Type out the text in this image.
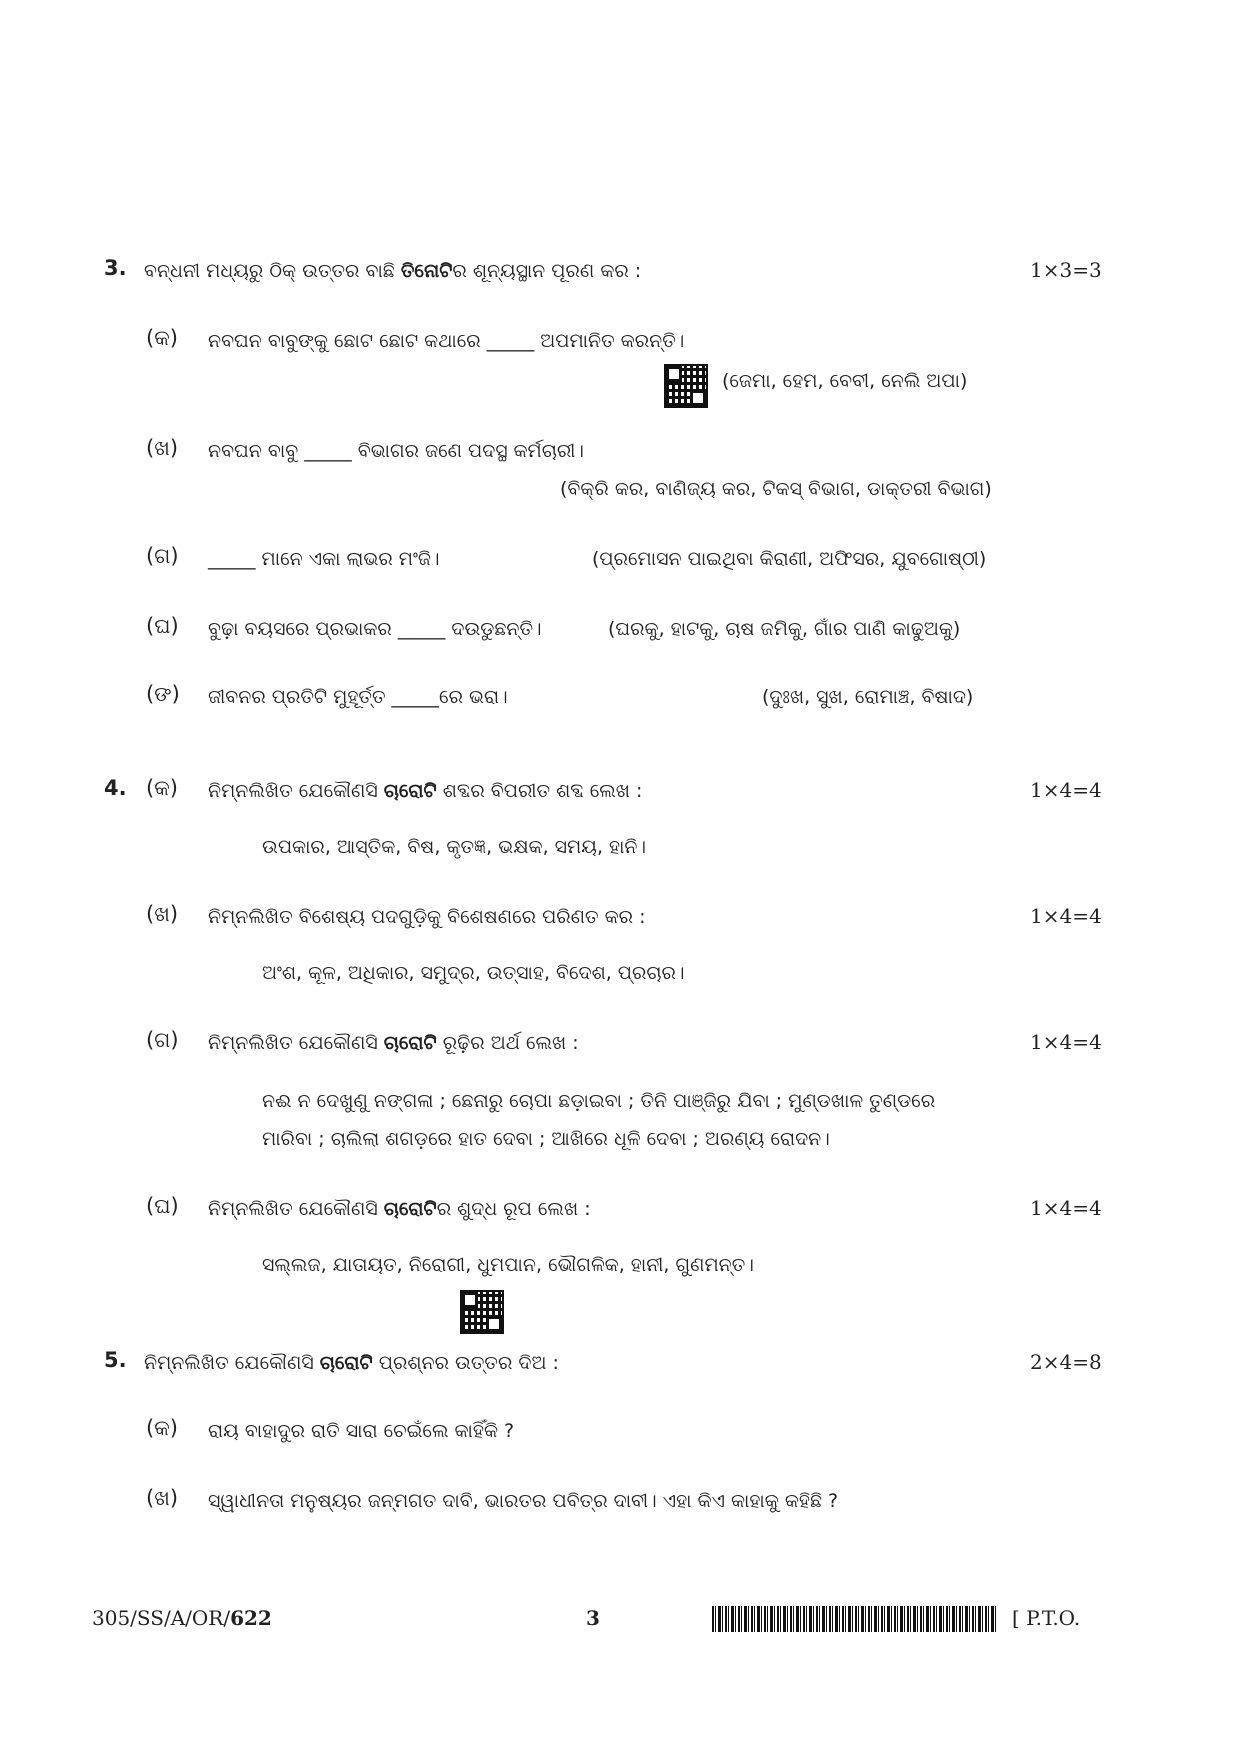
3. ବନ୍ଧନୀ ମଧ୍ୟରୁ ଠିକ୍ ଉତ୍ତର ବାଛି ତିନୋଟିର ଶୂନ୍ୟସ୍ଥାନ ପୂରଣ କର :	1×3=3
(କ) ନବଘନ ବାବୁଙ୍କୁ ଛୋଟ ଛୋଟ କଥାରେ _____ ଅପମାନିତ କରନ୍ତି।
(ଜେମା, ହେମ, ବେବୀ, ନେଲି ଅପା)
(ଖ) ନବଘନ ବାବୁ _____ ବିଭାଗର ଜଣେ ପଦସ୍ଥ କର୍ମଚାରୀ।
(ବିକ୍ରି କର, ବାଣିଜ୍ୟ କର, ଟିକସ୍ ବିଭାଗ, ଡାକ୍ତରୀ ବିଭାଗ)
(ଗ) _____ ମାନେ ଏକା ଲାଭର ମଂଜି।	(ପ୍ରମୋସନ ପାଇଥିବା କିରାଣୀ, ଅଫିସର, ଯୁବଗୋଷ୍ଠୀ)
(ଘ) ବୁଢ଼ା ବୟସରେ ପ୍ରଭାକର _____ ଦଉଡୁଛନ୍ତି।	(ଘରକୁ, ହାଟକୁ, ଚାଷ ଜମିକୁ, ଗାଁର ପାଣି କାଢୁଅକୁ)
(ଙ) ଜୀବନର ପ୍ରତିଟି ମୁହୂର୍ତ୍ତ _____ରେ ଭରା।	(ଦୁଃଖ, ସୁଖ, ରୋମାଞ୍ଚ, ବିଷାଦ)
4. (କ) ନିମ୍ନଲିଖିତ ଯେକୌଣସି ଚାରୋଟି ଶବ୍ଦର ବିପରୀତ ଶବ୍ଦ ଲେଖ :	1×4=4
ଉପକାର, ଆସ୍ତିକ, ବିଷ, କୃତଜ୍ଞ, ଭକ୍ଷକ, ସମୟ, ହାନି।
(ଖ) ନିମ୍ନଲିଖିତ ବିଶେଷ୍ୟ ପଦଗୁଡ଼ିକୁ ବିଶେଷଣରେ ପରିଣତ କର :	1×4=4
ଅଂଶ, କୂଳ, ଅଧିକାର, ସମୁଦ୍ର, ଉତ୍ସାହ, ବିଦେଶ, ପ୍ରଚାର।
(ଗ) ନିମ୍ନଲିଖିତ ଯେକୌଣସି ଚାରୋଟି ରୂଢ଼ିର ଅର୍ଥ ଲେଖ :	1×4=4
ନଈ ନ ଦେଖୁଣୁ ନଙ୍ଗଳା ; ଛେନାରୁ ଚୋପା ଛଡ଼ାଇବା ; ତିନି ପାଞ୍ଜିରୁ ଯିବା ; ମୁଣ୍ଡଖାଳ ତୁଣ୍ଡରେ
ମାରିବା ; ଚାଲିଲା ଶଗଡ଼ରେ ହାତ ଦେବା ; ଆଖିରେ ଧୂଳି ଦେବା ; ଅରଣ୍ୟ ରୋଦନ।
(ଘ) ନିମ୍ନଲିଖିତ ଯେକୌଣସି ଚାରୋଟିର ଶୁଦ୍ଧ ରୂପ ଲେଖ :	1×4=4
ସଲ୍ଲଜ, ଯାତାୟତ, ନିରୋଗୀ, ଧୁମପାନ, ଭୌଗଳିକ, ହାନୀ, ଗୁଣମନ୍ତ।
5. ନିମ୍ନଲିଖିତ ଯେକୌଣସି ଚାରୋଟି ପ୍ରଶ୍ନର ଉତ୍ତର ଦିଅ :	2×4=8
(କ) ରାୟ ବାହାଦୁର ରାତି ସାରା ଚେଇଁଲେ କାହିଁକି ?
(ଖ) ସ୍ୱାଧୀନତା ମନୁଷ୍ୟର ଜନ୍ମଗତ ଦାବି, ଭାରତର ପବିତ୍ର ଦାବୀ। ଏହା କିଏ କାହାକୁ କହିଛି ?
305/SS/A/OR/622	3	[ P.T.O.
